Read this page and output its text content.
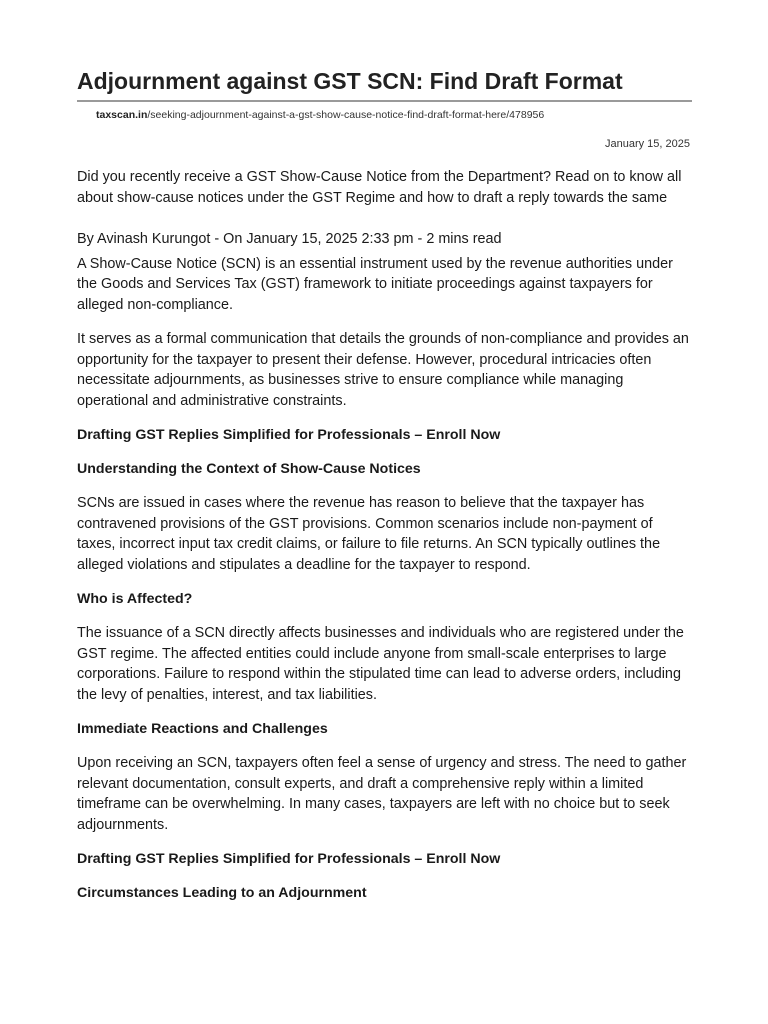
Adjournment against GST SCN: Find Draft Format
taxscan.in/seeking-adjournment-against-a-gst-show-cause-notice-find-draft-format-here/478956
January 15, 2025

Did you recently receive a GST Show-Cause Notice from the Department? Read on to know all about show-cause notices under the GST Regime and how to draft a reply towards the same

By Avinash Kurungot - On January 15, 2025 2:33 pm - 2 mins read

A Show-Cause Notice (SCN) is an essential instrument used by the revenue authorities under the Goods and Services Tax (GST) framework to initiate proceedings against taxpayers for alleged non-compliance.

It serves as a formal communication that details the grounds of non-compliance and provides an opportunity for the taxpayer to present their defense. However, procedural intricacies often necessitate adjournments, as businesses strive to ensure compliance while managing operational and administrative constraints.

Drafting GST Replies Simplified for Professionals – Enroll Now

Understanding the Context of Show-Cause Notices

SCNs are issued in cases where the revenue has reason to believe that the taxpayer has contravened provisions of the GST provisions. Common scenarios include non-payment of taxes, incorrect input tax credit claims, or failure to file returns. An SCN typically outlines the alleged violations and stipulates a deadline for the taxpayer to respond.

Who is Affected?

The issuance of a SCN directly affects businesses and individuals who are registered under the GST regime. The affected entities could include anyone from small-scale enterprises to large corporations. Failure to respond within the stipulated time can lead to adverse orders, including the levy of penalties, interest, and tax liabilities.

Immediate Reactions and Challenges

Upon receiving an SCN, taxpayers often feel a sense of urgency and stress. The need to gather relevant documentation, consult experts, and draft a comprehensive reply within a limited timeframe can be overwhelming. In many cases, taxpayers are left with no choice but to seek adjournments.

Drafting GST Replies Simplified for Professionals – Enroll Now

Circumstances Leading to an Adjournment
